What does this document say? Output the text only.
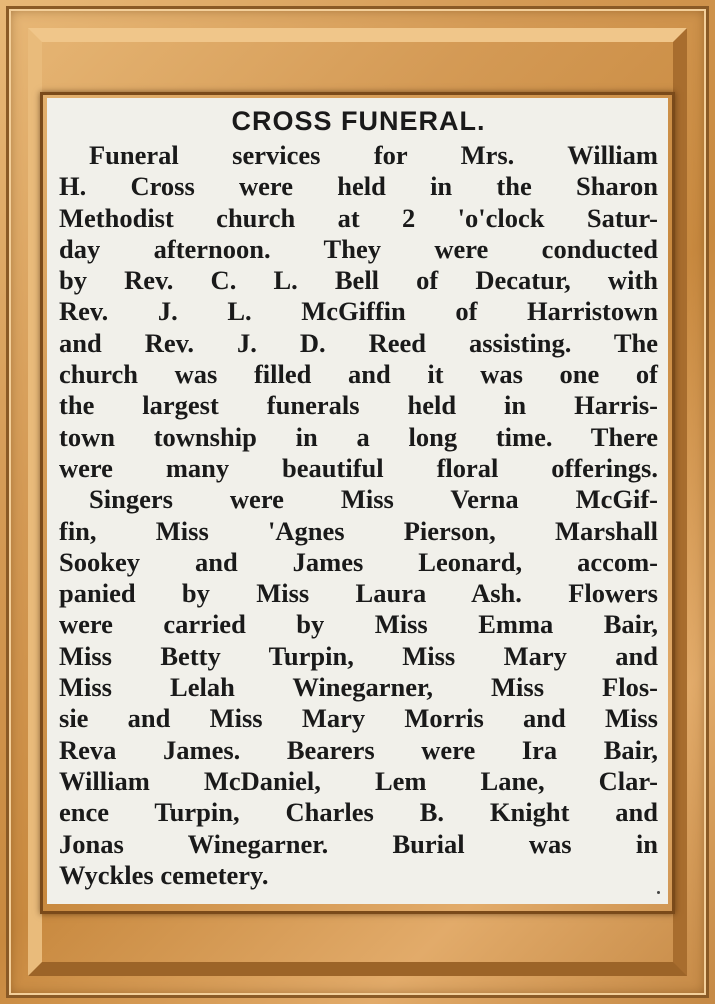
CROSS FUNERAL.
Funeral services for Mrs. William
H. Cross were held in the Sharon
Methodist church at 2 'o'clock Satur-
day afternoon. They were conducted
by Rev. C. L. Bell of Decatur, with
Rev. J. L. McGiffin of Harristown
and Rev. J. D. Reed assisting. The
church was filled and it was one of
the largest funerals held in Harris-
town township in a long time. There
were many beautiful floral offerings.
Singers were Miss Verna McGif-
fin, Miss 'Agnes Pierson, Marshall
Sookey and James Leonard, accom-
panied by Miss Laura Ash. Flowers
were carried by Miss Emma Bair,
Miss Betty Turpin, Miss Mary and
Miss Lelah Winegarner, Miss Flos-
sie and Miss Mary Morris and Miss
Reva James. Bearers were Ira Bair,
William McDaniel, Lem Lane, Clar-
ence Turpin, Charles B. Knight and
Jonas Winegarner. Burial was in
Wyckles cemetery.
